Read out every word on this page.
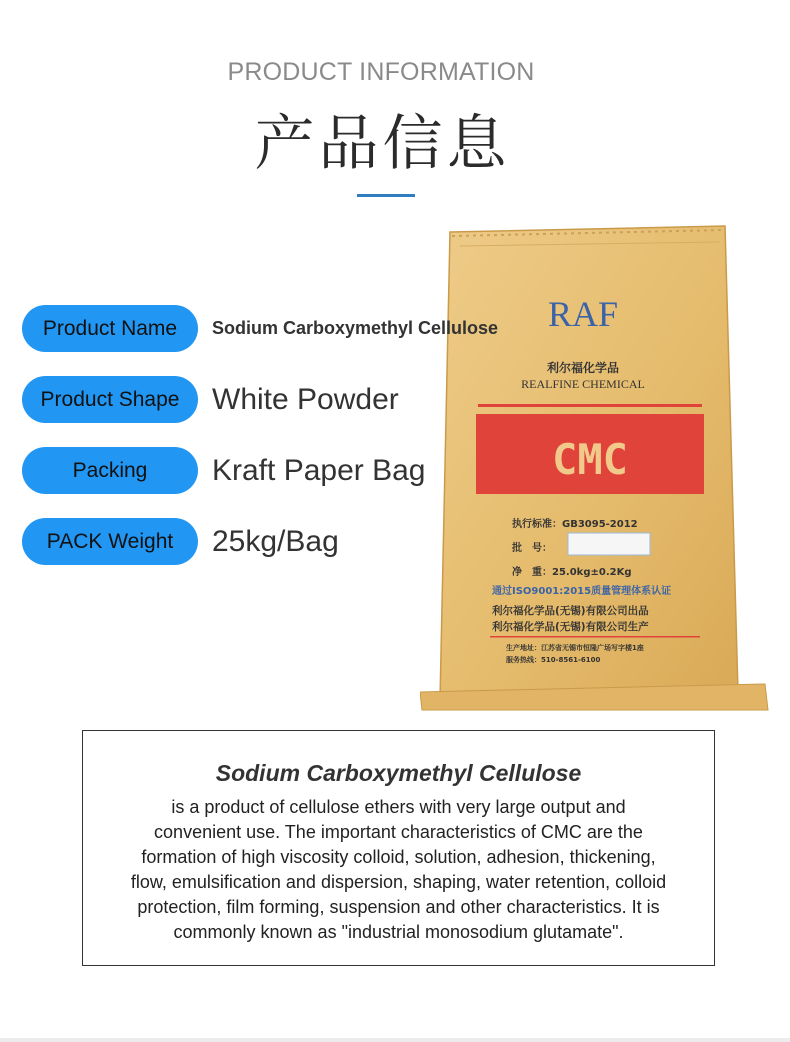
PRODUCT INFORMATION
产品信息
RAF
利尔福化学品
REALFINE CHEMICAL
CMC
执行标准：GB3095-2012
批　号：
净　重：25.0kg±0.2Kg
通过ISO9001:2015质量管理体系认证
利尔福化学品(无锡)有限公司出品
利尔福化学品(无锡)有限公司生产
生产地址：江苏省无锡市恒隆广场写字楼1座
服务热线：510-8561-6100
Product Name	Sodium Carboxymethyl Cellulose
Product Shape	White Powder
Packing	Kraft Paper Bag
PACK Weight	25kg/Bag
Sodium Carboxymethyl Cellulose
is a product of cellulose ethers with very large output and
convenient use. The important characteristics of CMC are the
formation of high viscosity colloid, solution, adhesion, thickening,
flow, emulsification and dispersion, shaping, water retention, colloid
protection, film forming, suspension and other characteristics. It is
commonly known as "industrial monosodium glutamate".
